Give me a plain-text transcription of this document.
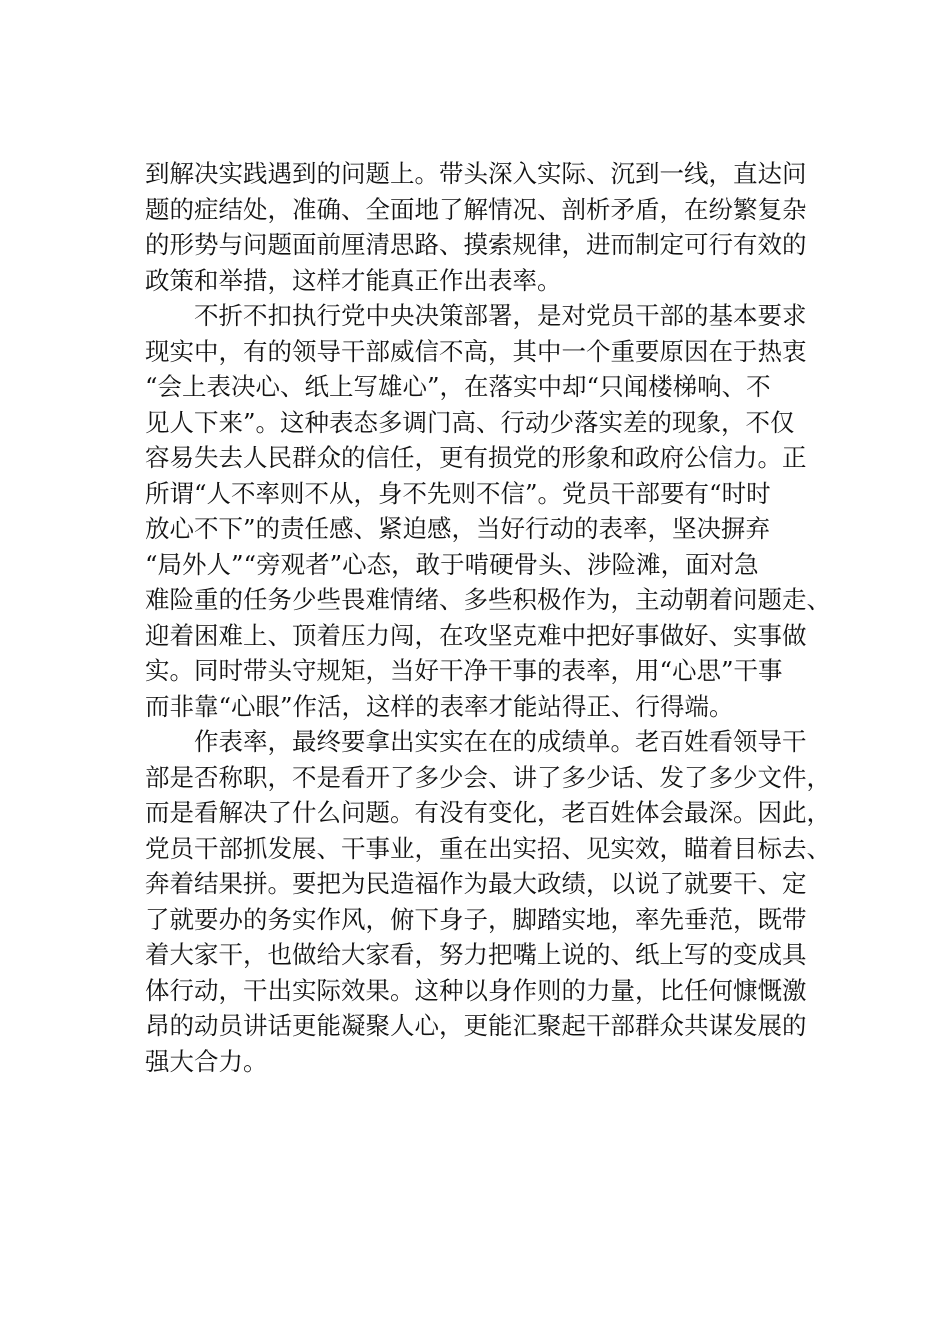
到解决实践遇到的问题上。带头深入实际、沉到一线，直达问
题的症结处，准确、全面地了解情况、剖析矛盾，在纷繁复杂
的形势与问题面前厘清思路、摸索规律，进而制定可行有效的
政策和举措，这样才能真正作出表率。
　　不折不扣执行党中央决策部署，是对党员干部的基本要求
现实中，有的领导干部威信不高，其中一个重要原因在于热衷
“会上表决心、纸上写雄心”，在落实中却“只闻楼梯响、不
见人下来”。这种表态多调门高、行动少落实差的现象，不仅
容易失去人民群众的信任，更有损党的形象和政府公信力。正
所谓“人不率则不从，身不先则不信”。党员干部要有“时时
放心不下”的责任感、紧迫感，当好行动的表率，坚决摒弃
“局外人”“旁观者”心态，敢于啃硬骨头、涉险滩，面对急
难险重的任务少些畏难情绪、多些积极作为，主动朝着问题走、
迎着困难上、顶着压力闯，在攻坚克难中把好事做好、实事做
实。同时带头守规矩，当好干净干事的表率，用“心思”干事
而非靠“心眼”作活，这样的表率才能站得正、行得端。
　　作表率，最终要拿出实实在在的成绩单。老百姓看领导干
部是否称职，不是看开了多少会、讲了多少话、发了多少文件，
而是看解决了什么问题。有没有变化，老百姓体会最深。因此，
党员干部抓发展、干事业，重在出实招、见实效，瞄着目标去、
奔着结果拼。要把为民造福作为最大政绩，以说了就要干、定
了就要办的务实作风，俯下身子，脚踏实地，率先垂范，既带
着大家干，也做给大家看，努力把嘴上说的、纸上写的变成具
体行动，干出实际效果。这种以身作则的力量，比任何慷慨激
昂的动员讲话更能凝聚人心，更能汇聚起干部群众共谋发展的
强大合力。
